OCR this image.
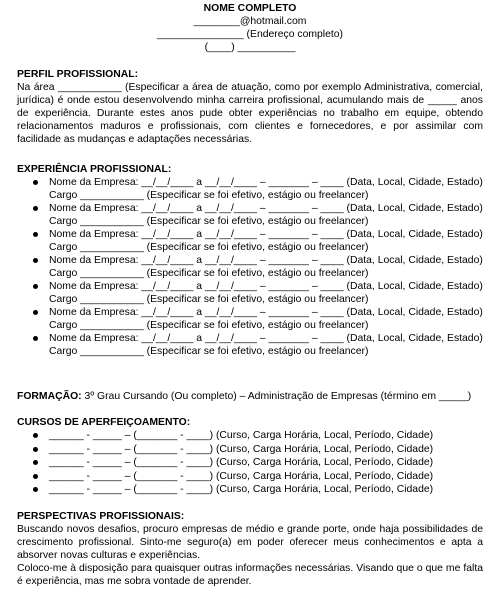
NOME COMPLETO
________@hotmail.com
_______________ (Endereço completo)
(____) __________
PERFIL PROFISSIONAL:
Na área ___________ (Especificar a área de atuação, como por exemplo Administrativa, comercial, jurídica) é onde estou desenvolvendo minha carreira profissional, acumulando mais de _____ anos de experiência. Durante estes anos pude obter experiências no trabalho em equipe, obtendo relacionamentos maduros e profissionais, com clientes e fornecedores, e por assimilar com facilidade as mudanças e adaptações necessárias.
EXPERIÊNCIA PROFISSIONAL:
Nome da Empresa: __/__/____ a __/__/____ – _______ – ____ (Data, Local, Cidade, Estado)
Cargo ___________ (Especificar se foi efetivo, estágio ou freelancer)
Nome da Empresa: __/__/____ a __/__/____ – _______ – ____ (Data, Local, Cidade, Estado)
Cargo ___________ (Especificar se foi efetivo, estágio ou freelancer)
Nome da Empresa: __/__/____ a __/__/____ – _______ – ____ (Data, Local, Cidade, Estado)
Cargo ___________ (Especificar se foi efetivo, estágio ou freelancer)
Nome da Empresa: __/__/____ a __/__/____ – _______ – ____ (Data, Local, Cidade, Estado)
Cargo ___________ (Especificar se foi efetivo, estágio ou freelancer)
Nome da Empresa: __/__/____ a __/__/____ – _______ – ____ (Data, Local, Cidade, Estado)
Cargo ___________ (Especificar se foi efetivo, estágio ou freelancer)
Nome da Empresa: __/__/____ a __/__/____ – _______ – ____ (Data, Local, Cidade, Estado)
Cargo ___________ (Especificar se foi efetivo, estágio ou freelancer)
Nome da Empresa: __/__/____ a __/__/____ – _______ – ____ (Data, Local, Cidade, Estado)
Cargo ___________ (Especificar se foi efetivo, estágio ou freelancer)
FORMAÇÃO: 3º Grau Cursando (Ou completo) – Administração de Empresas (término em _____)
CURSOS DE APERFEIÇOAMENTO:
______ - _____ – (_______ - ____) (Curso, Carga Horária, Local, Período, Cidade)
______ - _____ – (_______ - ____) (Curso, Carga Horária, Local, Período, Cidade)
______ - _____ – (_______ - ____) (Curso, Carga Horária, Local, Período, Cidade)
______ - _____ – (_______ - ____) (Curso, Carga Horária, Local, Período, Cidade)
______ - _____ – (_______ - ____) (Curso, Carga Horária, Local, Período, Cidade)
PERSPECTIVAS PROFISSIONAIS:
Buscando novos desafios, procuro empresas de médio e grande porte, onde haja possibilidades de crescimento profissional. Sinto-me seguro(a) em poder oferecer meus conhecimentos e apta a absorver novas culturas e experiências.
Coloco-me à disposição para quaisquer outras informações necessárias. Visando que o que me falta é experiência, mas me sobra vontade de aprender.
